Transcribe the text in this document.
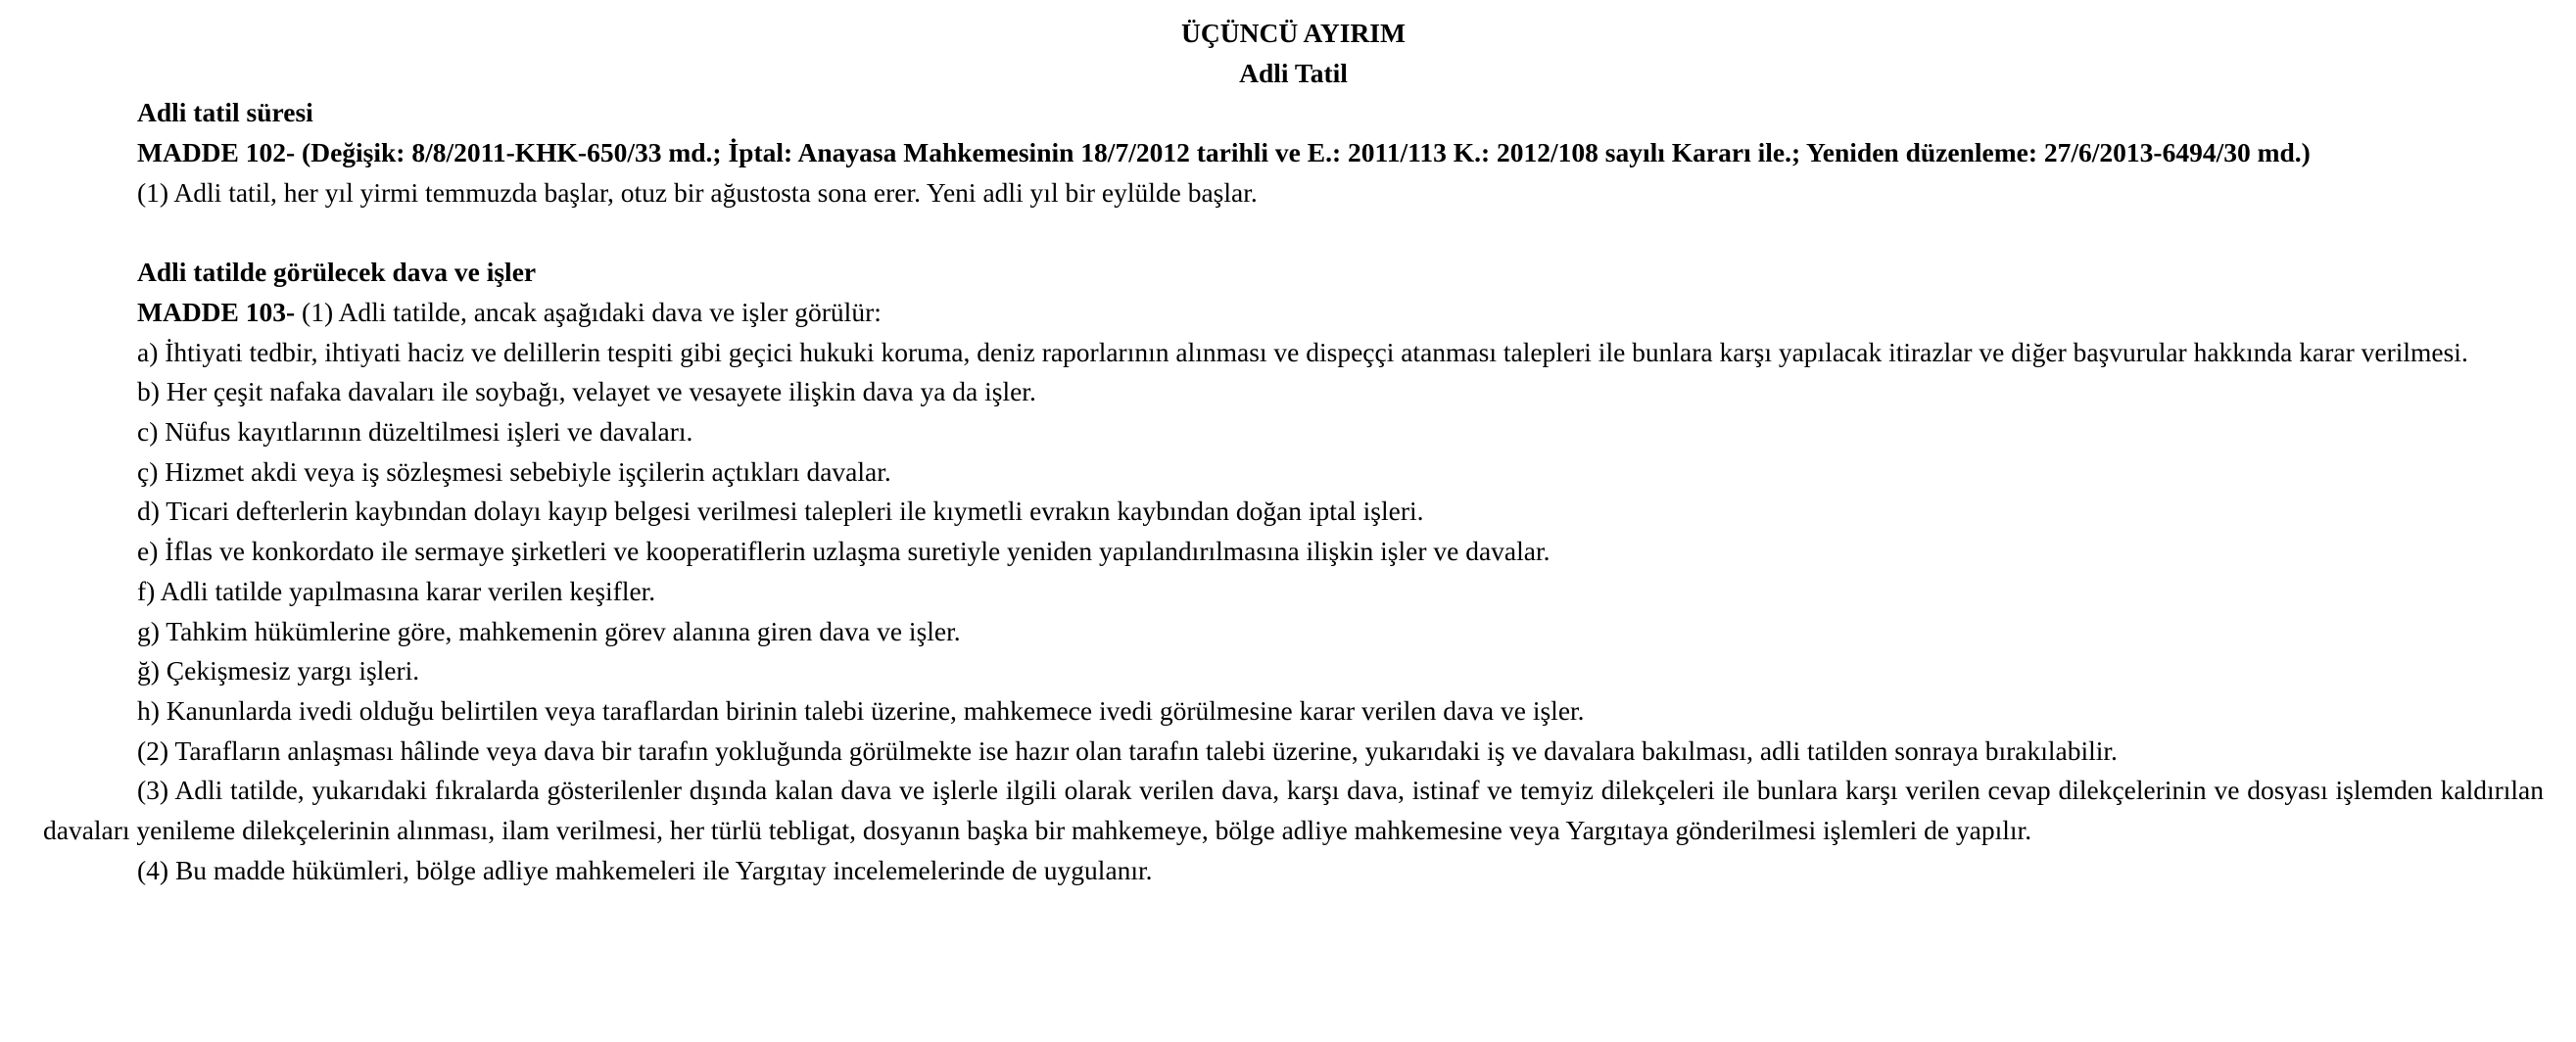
ÜÇÜNCÜ AYIRIM
Adli Tatil

Adli tatil süresi

MADDE 102- (Değişik: 8/8/2011-KHK-650/33 md.; İptal: Anayasa Mahkemesinin 18/7/2012 tarihli ve E.: 2011/113 K.: 2012/108 sayılı Kararı ile.; Yeniden düzenleme: 27/6/2013-6494/30 md.)

(1) Adli tatil, her yıl yirmi temmuzda başlar, otuz bir ağustosta sona erer. Yeni adli yıl bir eylülde başlar.

Adli tatilde görülecek dava ve işler

MADDE 103- (1) Adli tatilde, ancak aşağıdaki dava ve işler görülür:

a) İhtiyati tedbir, ihtiyati haciz ve delillerin tespiti gibi geçici hukuki koruma, deniz raporlarının alınması ve dispeççi atanması talepleri ile bunlara karşı yapılacak itirazlar ve diğer başvurular hakkında karar verilmesi.

b) Her çeşit nafaka davaları ile soybağı, velayet ve vesayete ilişkin dava ya da işler.

c) Nüfus kayıtlarının düzeltilmesi işleri ve davaları.

ç) Hizmet akdi veya iş sözleşmesi sebebiyle işçilerin açtıkları davalar.

d) Ticari defterlerin kaybından dolayı kayıp belgesi verilmesi talepleri ile kıymetli evrakın kaybından doğan iptal işleri.

e) İflas ve konkordato ile sermaye şirketleri ve kooperatiflerin uzlaşma suretiyle yeniden yapılandırılmasına ilişkin işler ve davalar.

f) Adli tatilde yapılmasına karar verilen keşifler.

g) Tahkim hükümlerine göre, mahkemenin görev alanına giren dava ve işler.

ğ) Çekişmesiz yargı işleri.

h) Kanunlarda ivedi olduğu belirtilen veya taraflardan birinin talebi üzerine, mahkemece ivedi görülmesine karar verilen dava ve işler.

(2) Tarafların anlaşması hâlinde veya dava bir tarafın yokluğunda görülmekte ise hazır olan tarafın talebi üzerine, yukarıdaki iş ve davalara bakılması, adli tatilden sonraya bırakılabilir.

(3) Adli tatilde, yukarıdaki fıkralarda gösterilenler dışında kalan dava ve işlerle ilgili olarak verilen dava, karşı dava, istinaf ve temyiz dilekçeleri ile bunlara karşı verilen cevap dilekçelerinin ve dosyası işlemden kaldırılan davaları yenileme dilekçelerinin alınması, ilam verilmesi, her türlü tebligat, dosyanın başka bir mahkemeye, bölge adliye mahkemesine veya Yargıtaya gönderilmesi işlemleri de yapılır.

(4) Bu madde hükümleri, bölge adliye mahkemeleri ile Yargıtay incelemelerinde de uygulanır.
